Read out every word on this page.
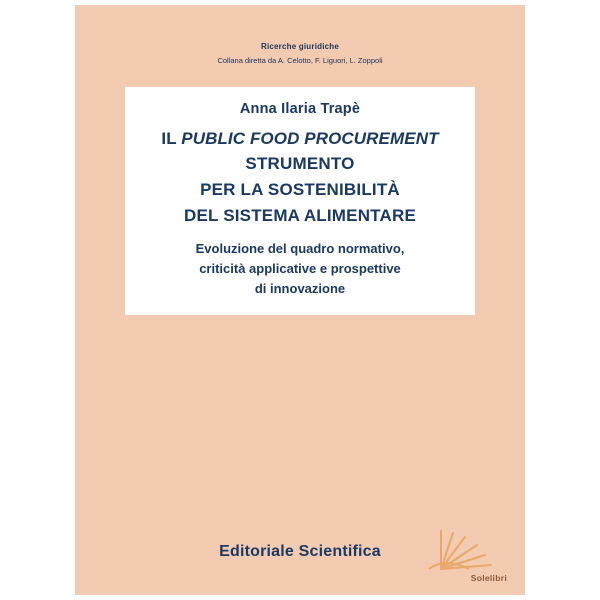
Ricerche giuridiche
Collana diretta da A. Celotto, F. Liguori, L. Zoppoli
Anna Ilaria Trapè
IL PUBLIC FOOD PROCUREMENT
STRUMENTO
PER LA SOSTENIBILITÀ
DEL SISTEMA ALIMENTARE
Evoluzione del quadro normativo,
criticità applicative e prospettive
di innovazione
Editoriale Scientifica
Solelibri
